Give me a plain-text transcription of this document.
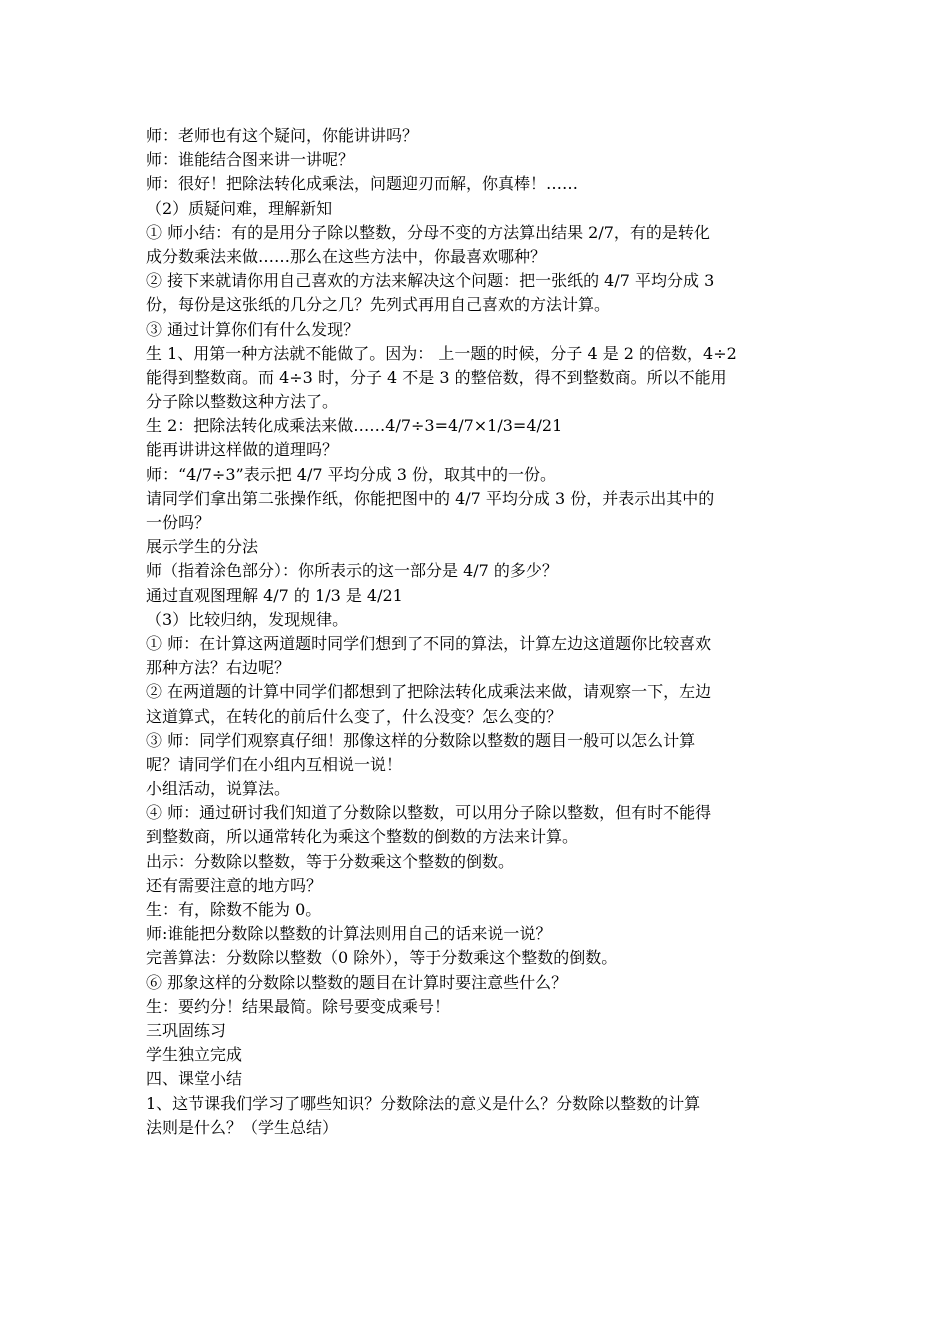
师：老师也有这个疑问，你能讲讲吗？
师：谁能结合图来讲一讲呢？
师：很好！把除法转化成乘法，问题迎刃而解，你真棒！……
（2）质疑问难，理解新知
① 师小结：有的是用分子除以整数，分母不变的方法算出结果 2/7，有的是转化
成分数乘法来做……那么在这些方法中，你最喜欢哪种？
② 接下来就请你用自己喜欢的方法来解决这个问题：把一张纸的 4/7 平均分成 3
份，每份是这张纸的几分之几？先列式再用自己喜欢的方法计算。
③ 通过计算你们有什么发现？
生 1、用第一种方法就不能做了。因为： 上一题的时候，分子 4 是 2 的倍数，4÷2
能得到整数商。而 4÷3 时，分子 4 不是 3 的整倍数，得不到整数商。所以不能用
分子除以整数这种方法了。
生 2：把除法转化成乘法来做……4/7÷3=4/7×1/3=4/21
能再讲讲这样做的道理吗？
师：“4/7÷3”表示把 4/7 平均分成 3 份，取其中的一份。
请同学们拿出第二张操作纸，你能把图中的 4/7 平均分成 3 份，并表示出其中的
一份吗？
展示学生的分法
师（指着涂色部分）：你所表示的这一部分是 4/7 的多少？
通过直观图理解 4/7 的 1/3 是 4/21
（3）比较归纳，发现规律。
① 师：在计算这两道题时同学们想到了不同的算法，计算左边这道题你比较喜欢
那种方法？右边呢？
② 在两道题的计算中同学们都想到了把除法转化成乘法来做，请观察一下，左边
这道算式，在转化的前后什么变了，什么没变？怎么变的？
③ 师：同学们观察真仔细！那像这样的分数除以整数的题目一般可以怎么计算
呢？请同学们在小组内互相说一说！
小组活动，说算法。
④ 师：通过研讨我们知道了分数除以整数，可以用分子除以整数，但有时不能得
到整数商，所以通常转化为乘这个整数的倒数的方法来计算。
出示：分数除以整数，等于分数乘这个整数的倒数。
还有需要注意的地方吗？
生：有，除数不能为 0。
师:谁能把分数除以整数的计算法则用自己的话来说一说？
完善算法：分数除以整数（0 除外），等于分数乘这个整数的倒数。
⑥ 那象这样的分数除以整数的题目在计算时要注意些什么？
生：要约分！结果最简。除号要变成乘号！
三巩固练习
学生独立完成
四、课堂小结
1、这节课我们学习了哪些知识？分数除法的意义是什么？分数除以整数的计算
法则是什么？（学生总结）
